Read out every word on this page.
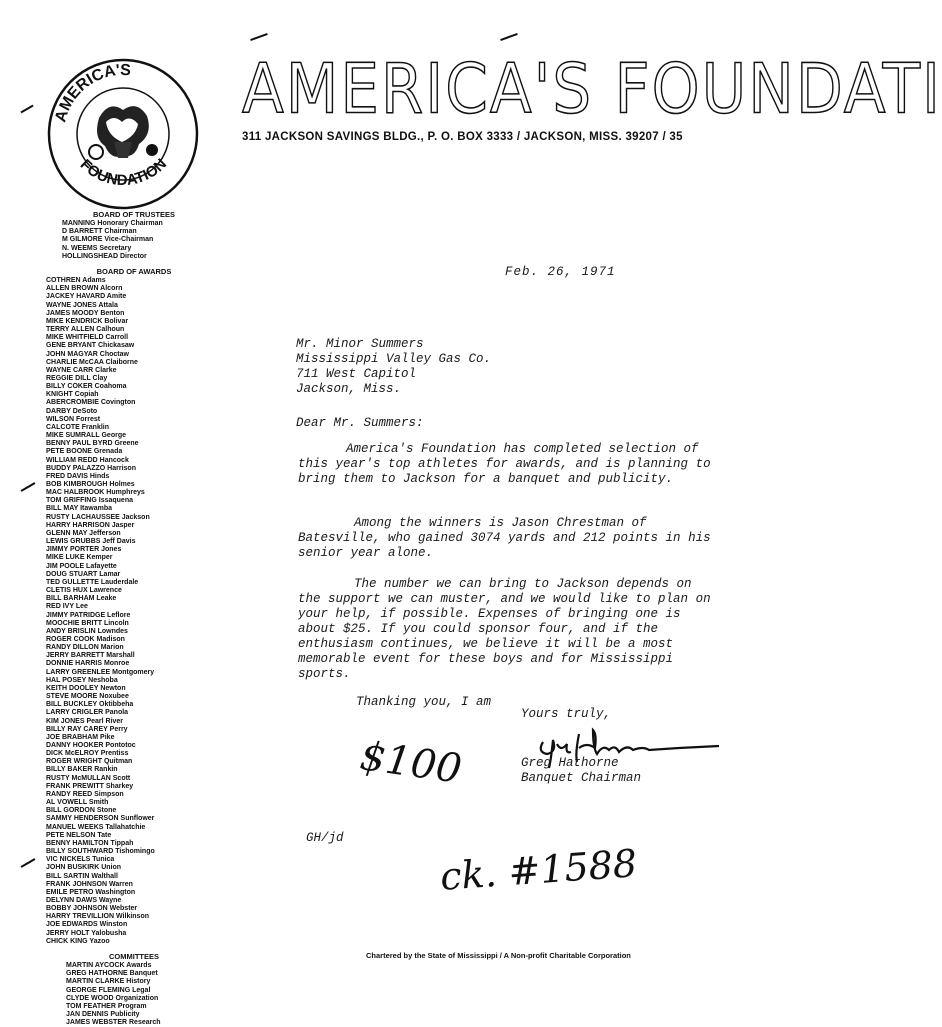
AMERICA'S
FOUNDATION
AMERICA'S FOUNDATI
311 JACKSON SAVINGS BLDG., P. O. BOX 3333 / JACKSON, MISS. 39207 / 35
BOARD OF TRUSTEES
MANNING Honorary Chairman
D BARRETT Chairman
M GILMORE Vice-Chairman
N. WEEMS Secretary
HOLLINGSHEAD Director
BOARD OF AWARDS
COTHREN Adams
ALLEN BROWN Alcorn
JACKEY HAVARD Amite
WAYNE JONES Attala
JAMES MOODY Benton
MIKE KENDRICK Bolivar
TERRY ALLEN Calhoun
MIKE WHITFIELD Carroll
GENE BRYANT Chickasaw
JOHN MAGYAR Choctaw
CHARLIE McCAA Claiborne
WAYNE CARR Clarke
REGGIE DILL Clay
BILLY COKER Coahoma
KNIGHT Copiah
ABERCROMBIE Covington
DARBY DeSoto
WILSON Forrest
CALCOTE Franklin
MIKE SUMRALL George
BENNY PAUL BYRD Greene
PETE BOONE Grenada
WILLIAM REDD Hancock
BUDDY PALAZZO Harrison
FRED DAVIS Hinds
BOB KIMBROUGH Holmes
MAC HALBROOK Humphreys
TOM GRIFFING Issaquena
BILL MAY Itawamba
RUSTY LACHAUSSEE Jackson
HARRY HARRISON Jasper
GLENN MAY Jefferson
LEWIS GRUBBS Jeff Davis
JIMMY PORTER Jones
MIKE LUKE Kemper
JIM POOLE Lafayette
DOUG STUART Lamar
TED GULLETTE Lauderdale
CLETIS HUX Lawrence
BILL BARHAM Leake
RED IVY Lee
JIMMY PATRIDGE Leflore
MOOCHIE BRITT Lincoln
ANDY BRISLIN Lowndes
ROGER COOK Madison
RANDY DILLON Marion
JERRY BARRETT Marshall
DONNIE HARRIS Monroe
LARRY GREENLEE Montgomery
HAL POSEY Neshoba
KEITH DOOLEY Newton
STEVE MOORE Noxubee
BILL BUCKLEY Oktibbeha
LARRY CRIGLER Panola
KIM JONES Pearl River
BILLY RAY CAREY Perry
JOE BRABHAM Pike
DANNY HOOKER Pontotoc
DICK McELROY Prentiss
ROGER WRIGHT Quitman
BILLY BAKER Rankin
RUSTY McMULLAN Scott
FRANK PREWITT Sharkey
RANDY REED Simpson
AL VOWELL Smith
BILL GORDON Stone
SAMMY HENDERSON Sunflower
MANUEL WEEKS Tallahatchie
PETE NELSON Tate
BENNY HAMILTON Tippah
BILLY SOUTHWARD Tishomingo
VIC NICKELS Tunica
JOHN BUSKIRK Union
BILL SARTIN Walthall
FRANK JOHNSON Warren
EMILE PETRO Washington
DELYNN DAWS Wayne
BOBBY JOHNSON Webster
HARRY TREVILLION Wilkinson
JOE EDWARDS Winston
JERRY HOLT Yalobusha
CHICK KING Yazoo
COMMITTEES
MARTIN AYCOCK Awards
GREG HATHORNE Banquet
MARTIN CLARKE History
GEORGE FLEMING Legal
CLYDE WOOD Organization
TOM FEATHER Program
JAN DENNIS Publicity
JAMES WEBSTER Research
Feb. 26, 1971
Mr. Minor Summers
Mississippi Valley Gas Co.
711 West Capitol
Jackson, Miss.
Dear Mr. Summers:
America's Foundation has completed selection of this year's top athletes for awards, and is planning to bring them to Jackson for a banquet and publicity.
Among the winners is Jason Chrestman of Batesville, who gained 3074 yards and 212 points in his senior year alone.
The number we can bring to Jackson depends on the support we can muster, and we would like to plan on your help, if possible. Expenses of bringing one is about $25. If you could sponsor four, and if the enthusiasm continues, we believe it will be a most memorable event for these boys and for Mississippi sports.
Thanking you, I am
Yours truly,
Greg Hathorne
Banquet Chairman
GH/jd
$100
ck. #1588
Chartered by the State of Mississippi / A Non-profit Charitable Corporation
